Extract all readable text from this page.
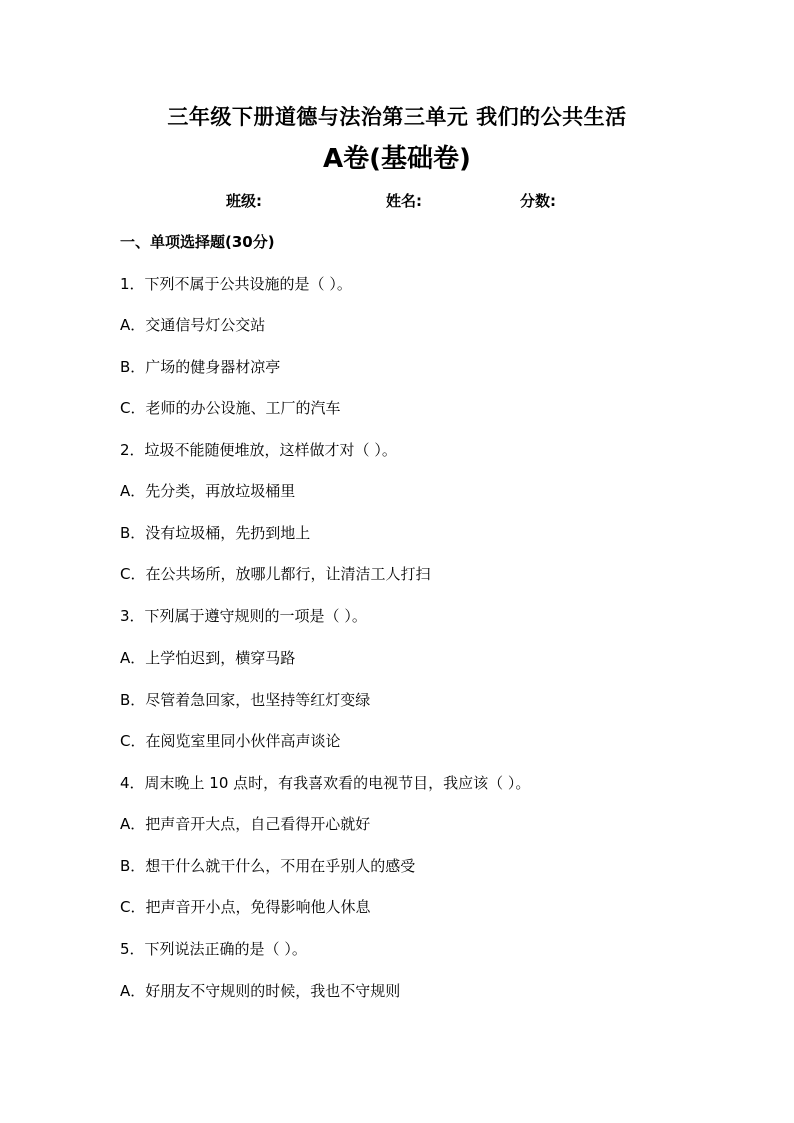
三年级下册道德与法治第三单元 我们的公共生活
A卷(基础卷)
班级:	姓名:	分数:
一、单项选择题(30分)
1．下列不属于公共设施的是（ ）。
A．交通信号灯公交站
B．广场的健身器材凉亭
C．老师的办公设施、工厂的汽车
2．垃圾不能随便堆放，这样做才对（ ）。
A．先分类，再放垃圾桶里
B．没有垃圾桶，先扔到地上
C．在公共场所，放哪儿都行，让清洁工人打扫
3．下列属于遵守规则的一项是（ ）。
A．上学怕迟到，横穿马路
B．尽管着急回家，也坚持等红灯变绿
C．在阅览室里同小伙伴高声谈论
4．周末晚上 10 点时，有我喜欢看的电视节目，我应该（ ）。
A．把声音开大点，自己看得开心就好
B．想干什么就干什么，不用在乎别人的感受
C．把声音开小点，免得影响他人休息
5．下列说法正确的是（ ）。
A．好朋友不守规则的时候，我也不守规则
